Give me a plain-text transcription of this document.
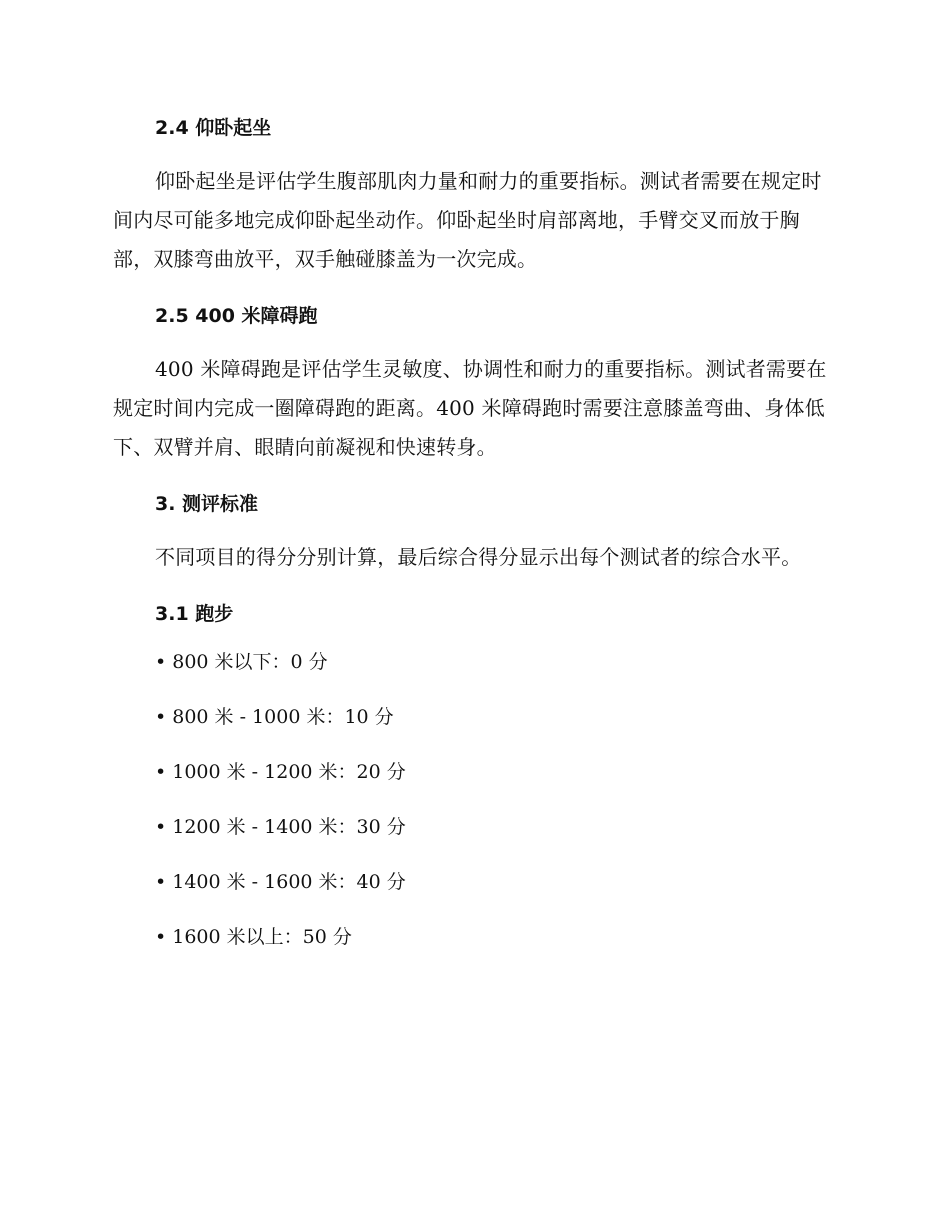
2.4 仰卧起坐

仰卧起坐是评估学生腹部肌肉力量和耐力的重要指标。测试者需要在规定时间内尽可能多地完成仰卧起坐动作。仰卧起坐时肩部离地，手臂交叉而放于胸部，双膝弯曲放平，双手触碰膝盖为一次完成。

2.5 400 米障碍跑

400 米障碍跑是评估学生灵敏度、协调性和耐力的重要指标。测试者需要在规定时间内完成一圈障碍跑的距离。400 米障碍跑时需要注意膝盖弯曲、身体低下、双臂并肩、眼睛向前凝视和快速转身。

3. 测评标准

不同项目的得分分别计算，最后综合得分显示出每个测试者的综合水平。

3.1 跑步
• 800 米以下：0 分
• 800 米 - 1000 米：10 分
• 1000 米 - 1200 米：20 分
• 1200 米 - 1400 米：30 分
• 1400 米 - 1600 米：40 分
• 1600 米以上：50 分
